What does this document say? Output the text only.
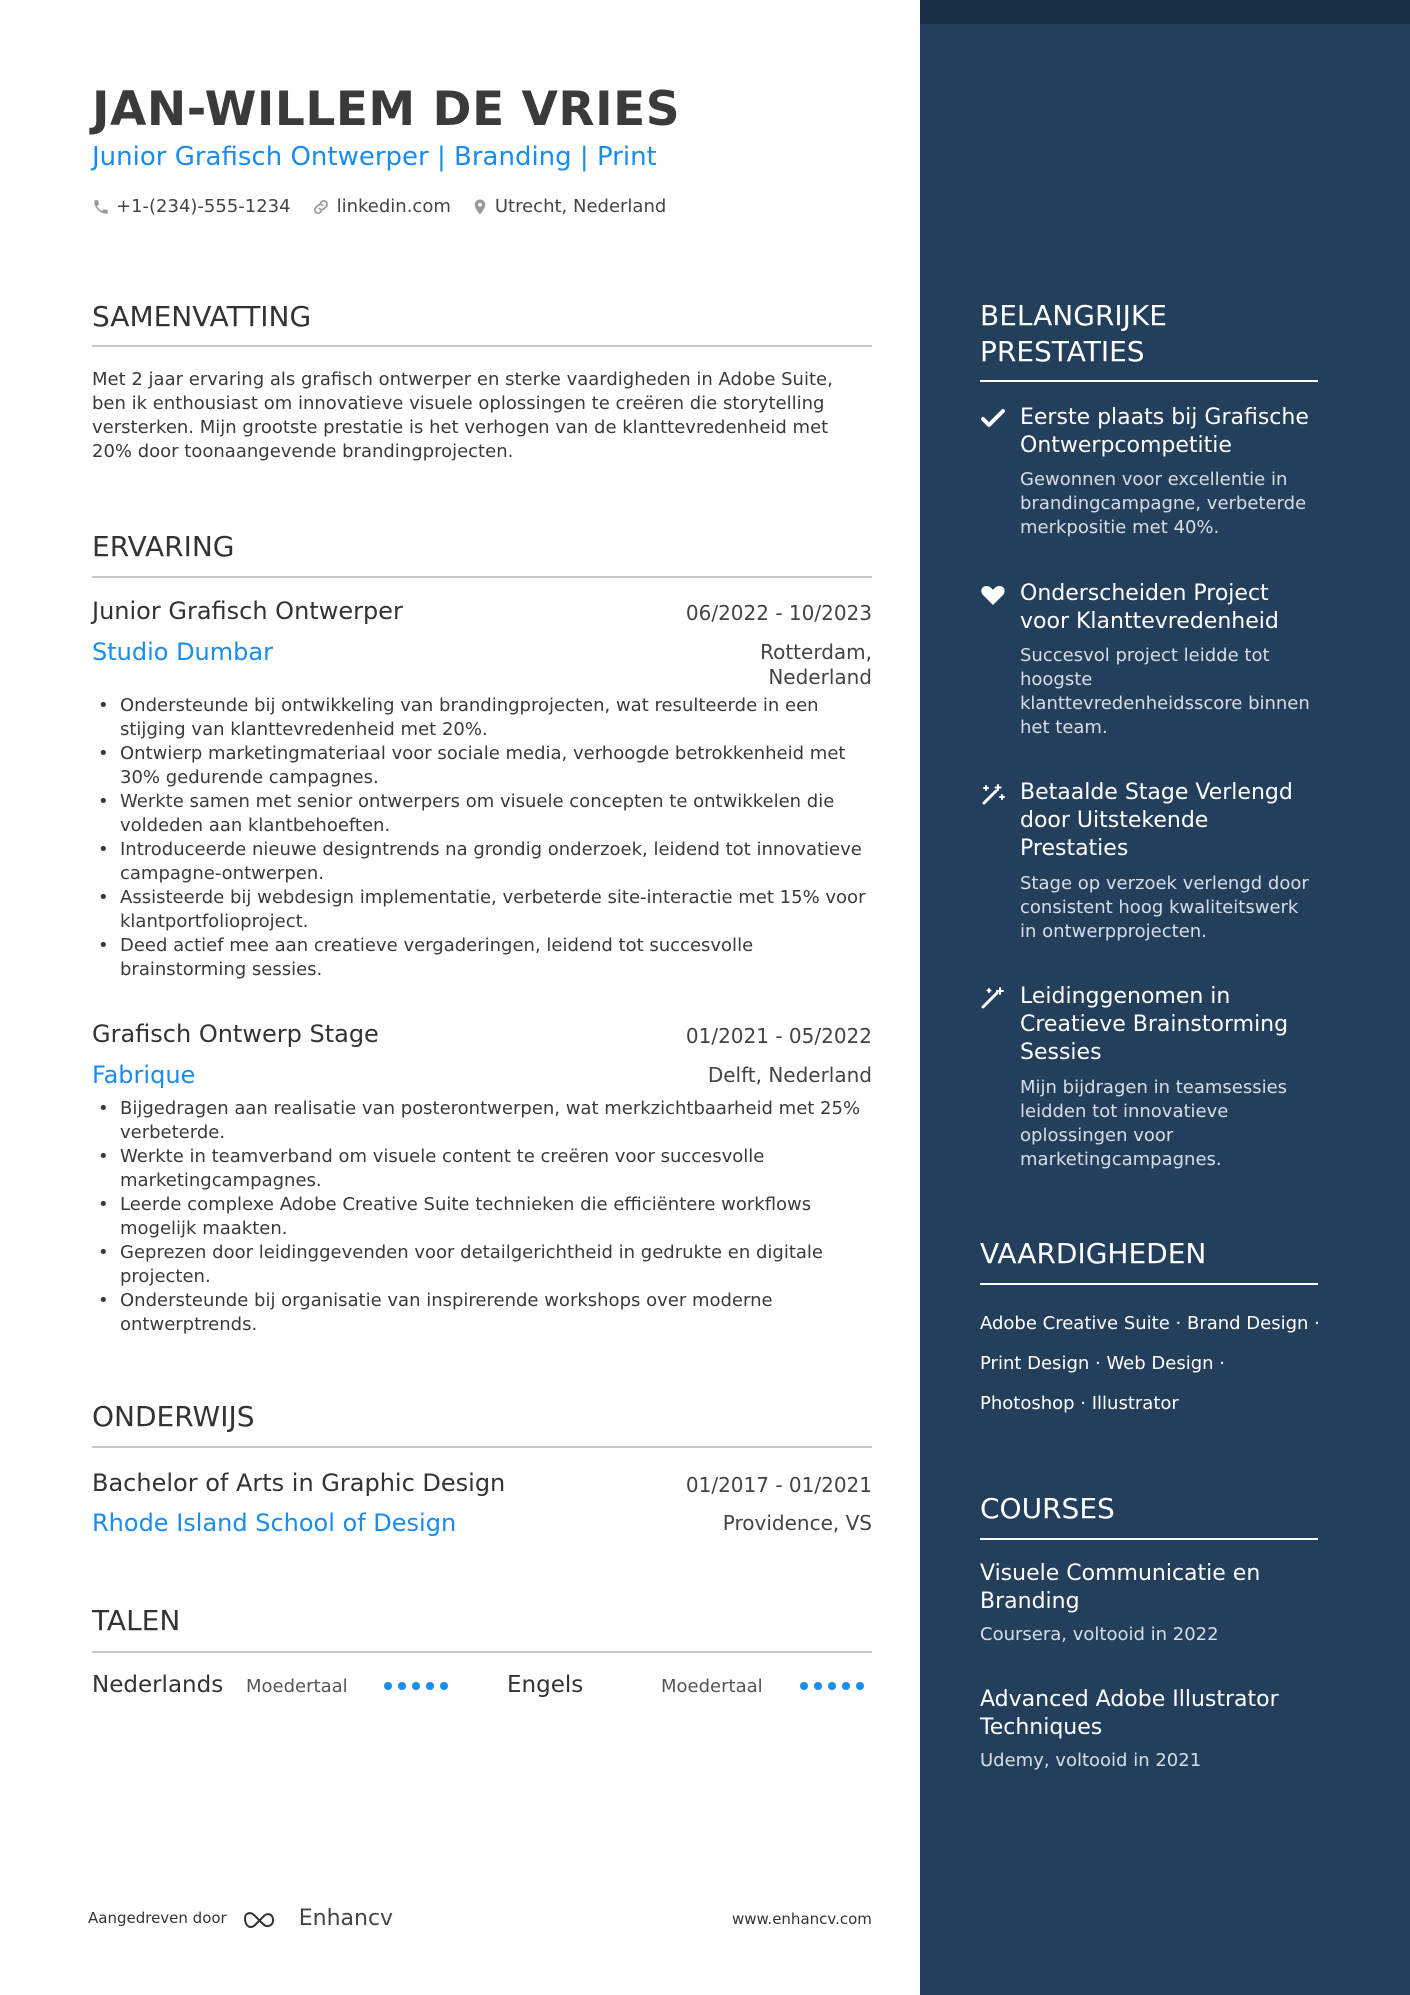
JAN-WILLEM DE VRIES
Junior Grafisch Ontwerper | Branding | Print
+1-(234)-555-1234	linkedin.com Utrecht, Nederland
SAMENVATTING
Met 2 jaar ervaring als grafisch ontwerper en sterke vaardigheden in Adobe Suite, ben ik enthousiast om innovatieve visuele oplossingen te creëren die storytelling versterken. Mijn grootste prestatie is het verhogen van de klanttevredenheid met 20% door toonaangevende brandingprojecten.
ERVARING
Junior Grafisch Ontwerper	06/2022 - 10/2023
Studio Dumbar	Rotterdam,
Nederland
• Ondersteunde bij ontwikkeling van brandingprojecten, wat resulteerde in een stijging van klanttevredenheid met 20%.
• Ontwierp marketingmateriaal voor sociale media, verhoogde betrokkenheid met 30% gedurende campagnes.
• Werkte samen met senior ontwerpers om visuele concepten te ontwikkelen die voldeden aan klantbehoeften.
• Introduceerde nieuwe designtrends na grondig onderzoek, leidend tot innovatieve campagne-ontwerpen.
• Assisteerde bij webdesign implementatie, verbeterde site-interactie met 15% voor klantportfolioproject.
• Deed actief mee aan creatieve vergaderingen, leidend tot succesvolle brainstorming sessies.
Grafisch Ontwerp Stage	01/2021 - 05/2022
Fabrique	Delft, Nederland
• Bijgedragen aan realisatie van posterontwerpen, wat merkzichtbaarheid met 25% verbeterde.
• Werkte in teamverband om visuele content te creëren voor succesvolle marketingcampagnes.
• Leerde complexe Adobe Creative Suite technieken die efficiëntere workflows mogelijk maakten.
• Geprezen door leidinggevenden voor detailgerichtheid in gedrukte en digitale projecten.
• Ondersteunde bij organisatie van inspirerende workshops over moderne ontwerptrends.
ONDERWIJS
Bachelor of Arts in Graphic Design	01/2017 - 01/2021
Rhode Island School of Design	Providence, VS
TALEN
Nederlands Moedertaal	Engels	Moedertaal
Aangedreven door	Enhancv	www.enhancv.com
BELANGRIJKE
PRESTATIES
Eerste plaats bij Grafische Ontwerpcompetitie
Gewonnen voor excellentie in brandingcampagne, verbeterde merkpositie met 40%.
Onderscheiden Project voor Klanttevredenheid
Succesvol project leidde tot hoogste klanttevredenheidsscore binnen het team.
Betaalde Stage Verlengd door Uitstekende Prestaties
Stage op verzoek verlengd door consistent hoog kwaliteitswerk in ontwerpprojecten.
Leidinggenomen in Creatieve Brainstorming Sessies
Mijn bijdragen in teamsessies leidden tot innovatieve oplossingen voor marketingcampagnes.
VAARDIGHEDEN
Adobe Creative Suite · Brand Design ·
Print Design · Web Design ·
Photoshop · Illustrator
COURSES
Visuele Communicatie en Branding
Coursera, voltooid in 2022
Advanced Adobe Illustrator Techniques
Udemy, voltooid in 2021
